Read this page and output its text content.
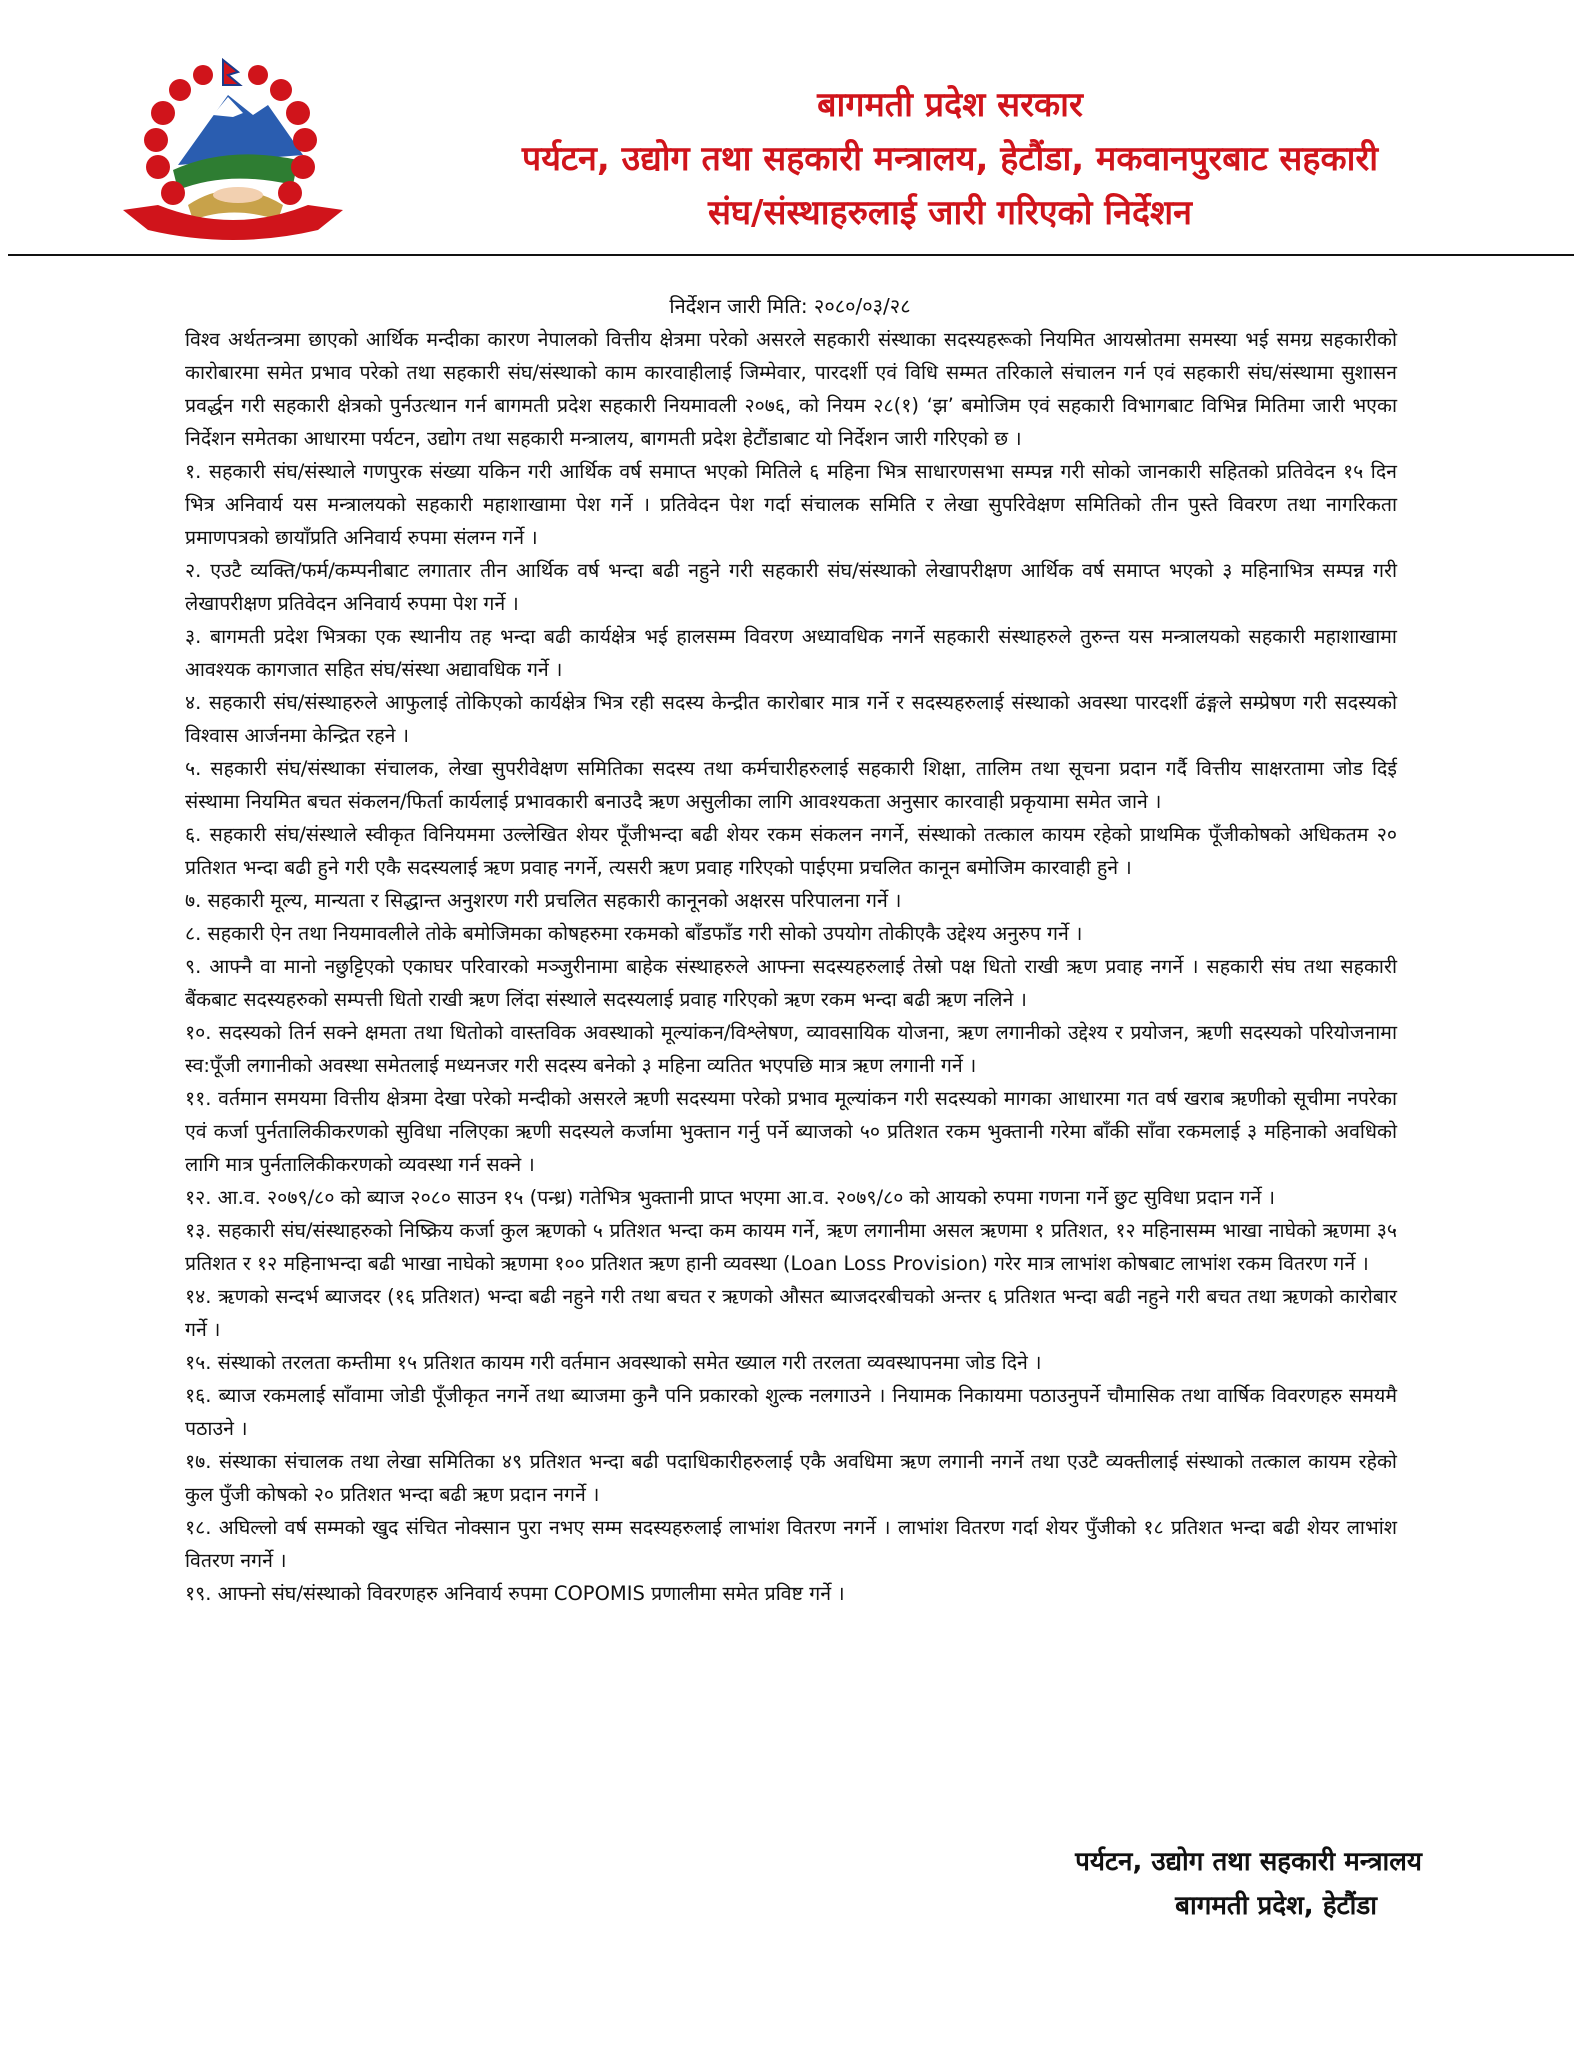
बागमती प्रदेश सरकार
पर्यटन, उद्योग तथा सहकारी मन्त्रालय, हेटौंडा, मकवानपुरबाट सहकारी
संघ/संस्थाहरुलाई जारी गरिएको निर्देशन
निर्देशन जारी मिति: २०८०/०३/२८

विश्व अर्थतन्त्रमा छाएको आर्थिक मन्दीका कारण नेपालको वित्तीय क्षेत्रमा परेको असरले सहकारी संस्थाका सदस्यहरूको नियमित आयस्रोतमा समस्या भई समग्र सहकारीको कारोबारमा समेत प्रभाव परेको तथा सहकारी संघ/संस्थाको काम कारवाहीलाई जिम्मेवार, पारदर्शी एवं विधि सम्मत तरिकाले संचालन गर्न एवं सहकारी संघ/संस्थामा सुशासन प्रवर्द्धन गरी सहकारी क्षेत्रको पुर्नउत्थान गर्न बागमती प्रदेश सहकारी नियमावली २०७६, को नियम २८(१) ‘झ’ बमोजिम एवं सहकारी विभागबाट विभिन्न मितिमा जारी भएका निर्देशन समेतका आधारमा पर्यटन, उद्योग तथा सहकारी मन्त्रालय, बागमती प्रदेश हेटौंडाबाट यो निर्देशन जारी गरिएको छ ।

१. सहकारी संघ/संस्थाले गणपुरक संख्या यकिन गरी आर्थिक वर्ष समाप्त भएको मितिले ६ महिना भित्र साधारणसभा सम्पन्न गरी सोको जानकारी सहितको प्रतिवेदन १५ दिन भित्र अनिवार्य यस मन्त्रालयको सहकारी महाशाखामा पेश गर्ने । प्रतिवेदन पेश गर्दा संचालक समिति र लेखा सुपरिवेक्षण समितिको तीन पुस्ते विवरण तथा नागरिकता प्रमाणपत्रको छायाँप्रति अनिवार्य रुपमा संलग्न गर्ने ।

२. एउटै व्यक्ति/फर्म/कम्पनीबाट लगातार तीन आर्थिक वर्ष भन्दा बढी नहुने गरी सहकारी संघ/संस्थाको लेखापरीक्षण आर्थिक वर्ष समाप्त भएको ३ महिनाभित्र सम्पन्न गरी लेखापरीक्षण प्रतिवेदन अनिवार्य रुपमा पेश गर्ने ।

३. बागमती प्रदेश भित्रका एक स्थानीय तह भन्दा बढी कार्यक्षेत्र भई हालसम्म विवरण अध्यावधिक नगर्ने सहकारी संस्थाहरुले तुरुन्त यस मन्त्रालयको सहकारी महाशाखामा आवश्यक कागजात सहित संघ/संस्था अद्यावधिक गर्ने ।

४. सहकारी संघ/संस्थाहरुले आफुलाई तोकिएको कार्यक्षेत्र भित्र रही सदस्य केन्द्रीत कारोबार मात्र गर्ने र सदस्यहरुलाई संस्थाको अवस्था पारदर्शी ढंङ्गले सम्प्रेषण गरी सदस्यको विश्वास आर्जनमा केन्द्रित रहने ।

५. सहकारी संघ/संस्थाका संचालक, लेखा सुपरीवेक्षण समितिका सदस्य तथा कर्मचारीहरुलाई सहकारी शिक्षा, तालिम तथा सूचना प्रदान गर्दै वित्तीय साक्षरतामा जोड दिई संस्थामा नियमित बचत संकलन/फिर्ता कार्यलाई प्रभावकारी बनाउदै ऋण असुलीका लागि आवश्यकता अनुसार कारवाही प्रकृयामा समेत जाने ।

६. सहकारी संघ/संस्थाले स्वीकृत विनियममा उल्लेखित शेयर पूँजीभन्दा बढी शेयर रकम संकलन नगर्ने, संस्थाको तत्काल कायम रहेको प्राथमिक पूँजीकोषको अधिकतम २० प्रतिशत भन्दा बढी हुने गरी एकै सदस्यलाई ऋण प्रवाह नगर्ने, त्यसरी ऋण प्रवाह गरिएको पाईएमा प्रचलित कानून बमोजिम कारवाही हुने ।

७. सहकारी मूल्य, मान्यता र सिद्धान्त अनुशरण गरी प्रचलित सहकारी कानूनको अक्षरस परिपालना गर्ने ।

८. सहकारी ऐन तथा नियमावलीले तोके बमोजिमका कोषहरुमा रकमको बाँडफाँड गरी सोको उपयोग तोकीएकै उद्देश्य अनुरुप गर्ने ।

९. आफ्नै वा मानो नछुट्टिएको एकाघर परिवारको मञ्जुरीनामा बाहेक संस्थाहरुले आफ्ना सदस्यहरुलाई तेस्रो पक्ष धितो राखी ऋण प्रवाह नगर्ने । सहकारी संघ तथा सहकारी बैंकबाट सदस्यहरुको सम्पत्ती धितो राखी ऋण लिंदा संस्थाले सदस्यलाई प्रवाह गरिएको ऋण रकम भन्दा बढी ऋण नलिने ।

१०. सदस्यको तिर्न सक्ने क्षमता तथा धितोको वास्तविक अवस्थाको मूल्यांकन/विश्लेषण, व्यावसायिक योजना, ऋण लगानीको उद्देश्य र प्रयोजन, ऋणी सदस्यको परियोजनामा स्व:पूँजी लगानीको अवस्था समेतलाई मध्यनजर गरी सदस्य बनेको ३ महिना व्यतित भएपछि मात्र ऋण लगानी गर्ने ।

११. वर्तमान समयमा वित्तीय क्षेत्रमा देखा परेको मन्दीको असरले ऋणी सदस्यमा परेको प्रभाव मूल्यांकन गरी सदस्यको मागका आधारमा गत वर्ष खराब ऋणीको सूचीमा नपरेका एवं कर्जा पुर्नतालिकीकरणको सुविधा नलिएका ऋणी सदस्यले कर्जामा भुक्तान गर्नु पर्ने ब्याजको ५० प्रतिशत रकम भुक्तानी गरेमा बाँकी साँवा रकमलाई ३ महिनाको अवधिको लागि मात्र पुर्नतालिकीकरणको व्यवस्था गर्न सक्ने ।

१२. आ.व. २०७९/८० को ब्याज २०८० साउन १५ (पन्ध्र) गतेभित्र भुक्तानी प्राप्त भएमा आ.व. २०७९/८० को आयको रुपमा गणना गर्ने छुट सुविधा प्रदान गर्ने ।

१३. सहकारी संघ/संस्थाहरुको निष्क्रिय कर्जा कुल ऋणको ५ प्रतिशत भन्दा कम कायम गर्ने, ऋण लगानीमा असल ऋणमा १ प्रतिशत, १२ महिनासम्म भाखा नाघेको ऋणमा ३५ प्रतिशत र १२ महिनाभन्दा बढी भाखा नाघेको ऋणमा १०० प्रतिशत ऋण हानी व्यवस्था (Loan Loss Provision) गरेर मात्र लाभांश कोषबाट लाभांश रकम वितरण गर्ने ।

१४. ऋणको सन्दर्भ ब्याजदर (१६ प्रतिशत) भन्दा बढी नहुने गरी तथा बचत र ऋणको औसत ब्याजदरबीचको अन्तर ६ प्रतिशत भन्दा बढी नहुने गरी बचत तथा ऋणको कारोबार गर्ने ।

१५. संस्थाको तरलता कम्तीमा १५ प्रतिशत कायम गरी वर्तमान अवस्थाको समेत ख्याल गरी तरलता व्यवस्थापनमा जोड दिने ।

१६. ब्याज रकमलाई साँवामा जोडी पूँजीकृत नगर्ने तथा ब्याजमा कुनै पनि प्रकारको शुल्क नलगाउने । नियामक निकायमा पठाउनुपर्ने चौमासिक तथा वार्षिक विवरणहरु समयमै पठाउने ।

१७. संस्थाका संचालक तथा लेखा समितिका ४९ प्रतिशत भन्दा बढी पदाधिकारीहरुलाई एकै अवधिमा ऋण लगानी नगर्ने तथा एउटै व्यक्तीलाई संस्थाको तत्काल कायम रहेको कुल पुँजी कोषको २० प्रतिशत भन्दा बढी ऋण प्रदान नगर्ने ।

१८. अघिल्लो वर्ष सम्मको खुद संचित नोक्सान पुरा नभए सम्म सदस्यहरुलाई लाभांश वितरण नगर्ने । लाभांश वितरण गर्दा शेयर पुँजीको १८ प्रतिशत भन्दा बढी शेयर लाभांश वितरण नगर्ने ।

१९. आफ्नो संघ/संस्थाको विवरणहरु अनिवार्य रुपमा COPOMIS प्रणालीमा समेत प्रविष्ट गर्ने ।

पर्यटन, उद्योग तथा सहकारी मन्त्रालय
बागमती प्रदेश, हेटौंडा
